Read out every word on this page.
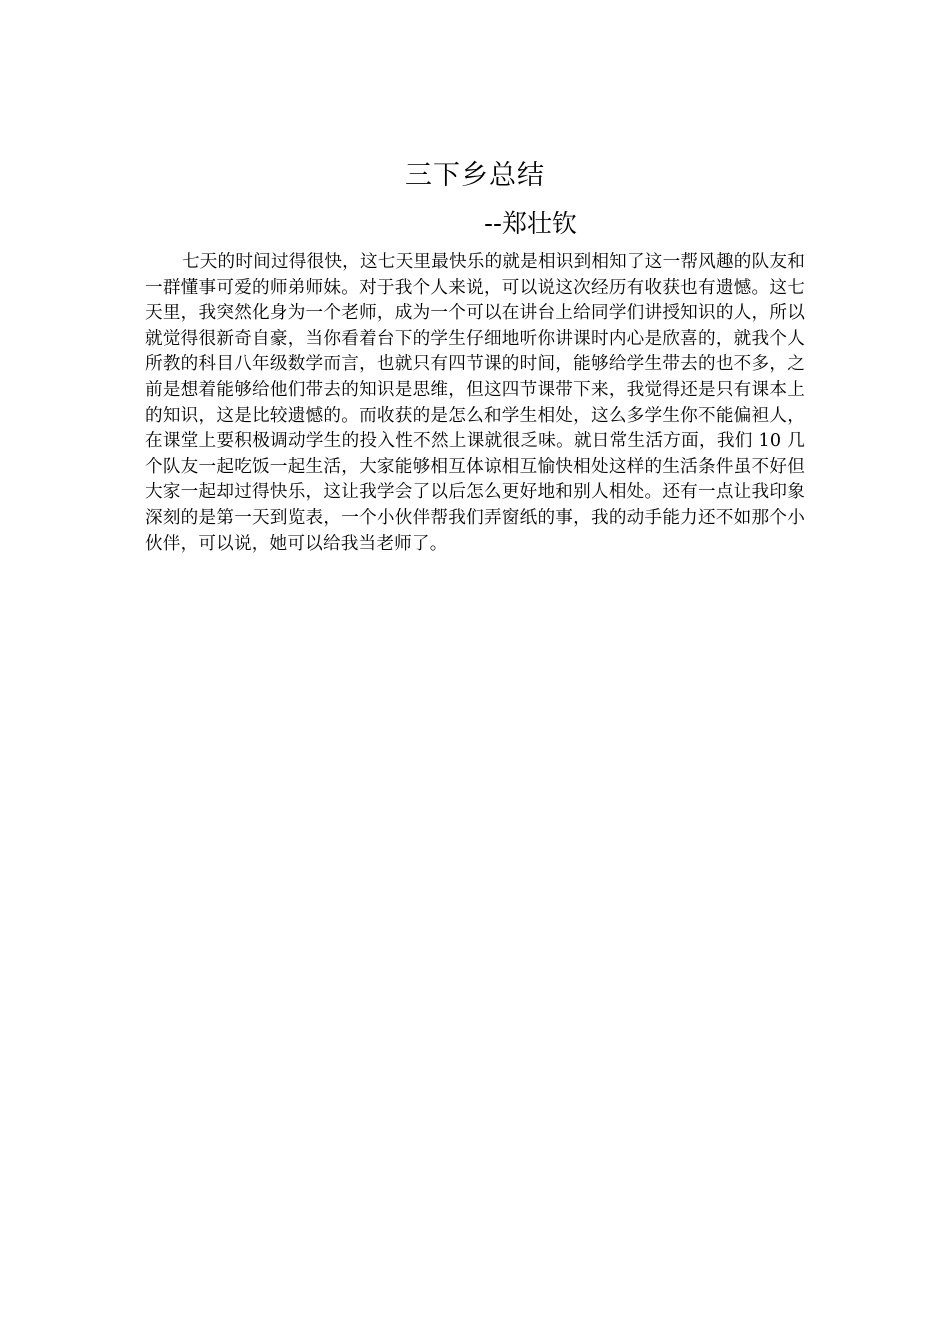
三下乡总结
--郑壮钦

七天的时间过得很快，这七天里最快乐的就是相识到相知了这一帮风趣的队友和一群懂事可爱的师弟师妹。对于我个人来说，可以说这次经历有收获也有遗憾。这七天里，我突然化身为一个老师，成为一个可以在讲台上给同学们讲授知识的人，所以就觉得很新奇自豪，当你看着台下的学生仔细地听你讲课时内心是欣喜的，就我个人所教的科目八年级数学而言，也就只有四节课的时间，能够给学生带去的也不多，之前是想着能够给他们带去的知识是思维，但这四节课带下来，我觉得还是只有课本上的知识，这是比较遗憾的。而收获的是怎么和学生相处，这么多学生你不能偏袒人，在课堂上要积极调动学生的投入性不然上课就很乏味。就日常生活方面，我们 10 几个队友一起吃饭一起生活，大家能够相互体谅相互愉快相处这样的生活条件虽不好但大家一起却过得快乐，这让我学会了以后怎么更好地和别人相处。还有一点让我印象深刻的是第一天到览表，一个小伙伴帮我们弄窗纸的事，我的动手能力还不如那个小伙伴，可以说，她可以给我当老师了。
